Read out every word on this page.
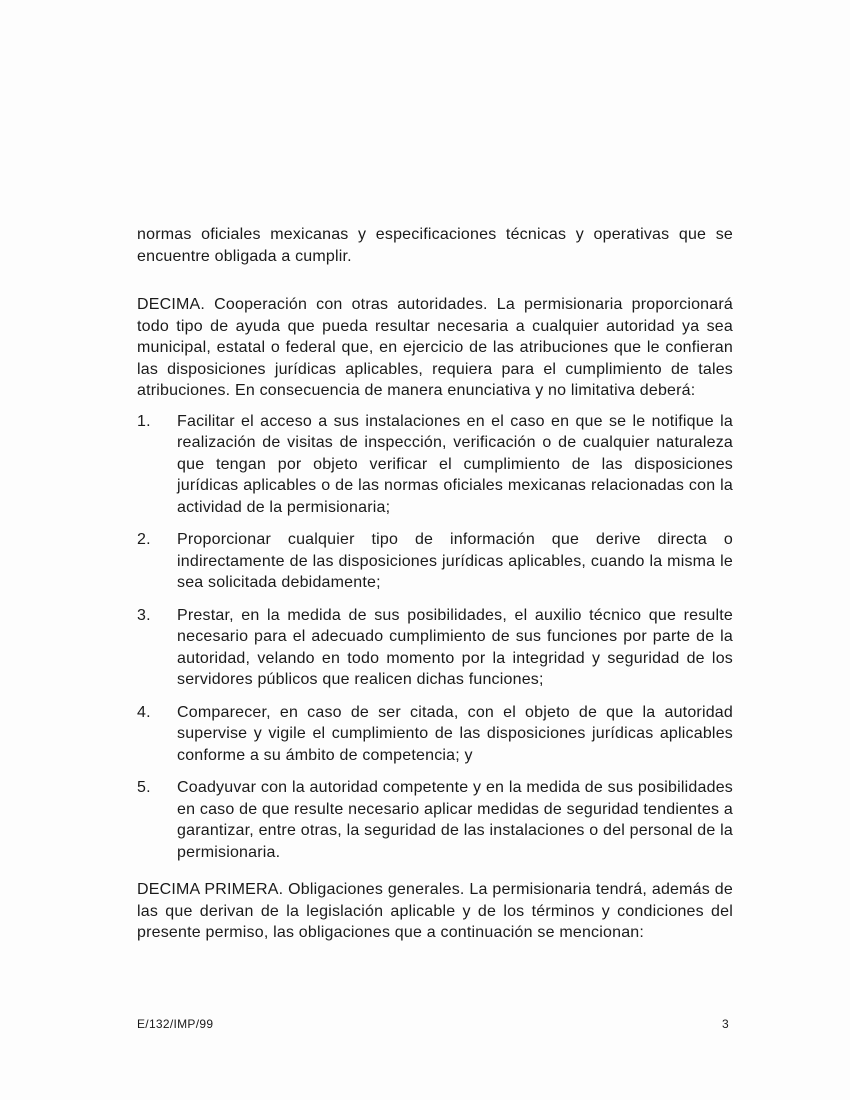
normas oficiales mexicanas y especificaciones técnicas y operativas que se encuentre obligada a cumplir.

DECIMA. Cooperación con otras autoridades. La permisionaria proporcionará todo tipo de ayuda que pueda resultar necesaria a cualquier autoridad ya sea municipal, estatal o federal que, en ejercicio de las atribuciones que le confieran las disposiciones jurídicas aplicables, requiera para el cumplimiento de tales atribuciones. En consecuencia de manera enunciativa y no limitativa deberá:

1.	Facilitar el acceso a sus instalaciones en el caso en que se le notifique la realización de visitas de inspección, verificación o de cualquier naturaleza que tengan por objeto verificar el cumplimiento de las disposiciones jurídicas aplicables o de las normas oficiales mexicanas relacionadas con la actividad de la permisionaria;
2.	Proporcionar cualquier tipo de información que derive directa o indirectamente de las disposiciones jurídicas aplicables, cuando la misma le sea solicitada debidamente;
3.	Prestar, en la medida de sus posibilidades, el auxilio técnico que resulte necesario para el adecuado cumplimiento de sus funciones por parte de la autoridad, velando en todo momento por la integridad y seguridad de los servidores públicos que realicen dichas funciones;
4.	Comparecer, en caso de ser citada, con el objeto de que la autoridad supervise y vigile el cumplimiento de las disposiciones jurídicas aplicables conforme a su ámbito de competencia; y
5.	Coadyuvar con la autoridad competente y en la medida de sus posibilidades en caso de que resulte necesario aplicar medidas de seguridad tendientes a garantizar, entre otras, la seguridad de las instalaciones o del personal de la permisionaria.

DECIMA PRIMERA. Obligaciones generales. La permisionaria tendrá, además de las que derivan de la legislación aplicable y de los términos y condiciones del presente permiso, las obligaciones que a continuación se mencionan:

E/132/IMP/99	3
